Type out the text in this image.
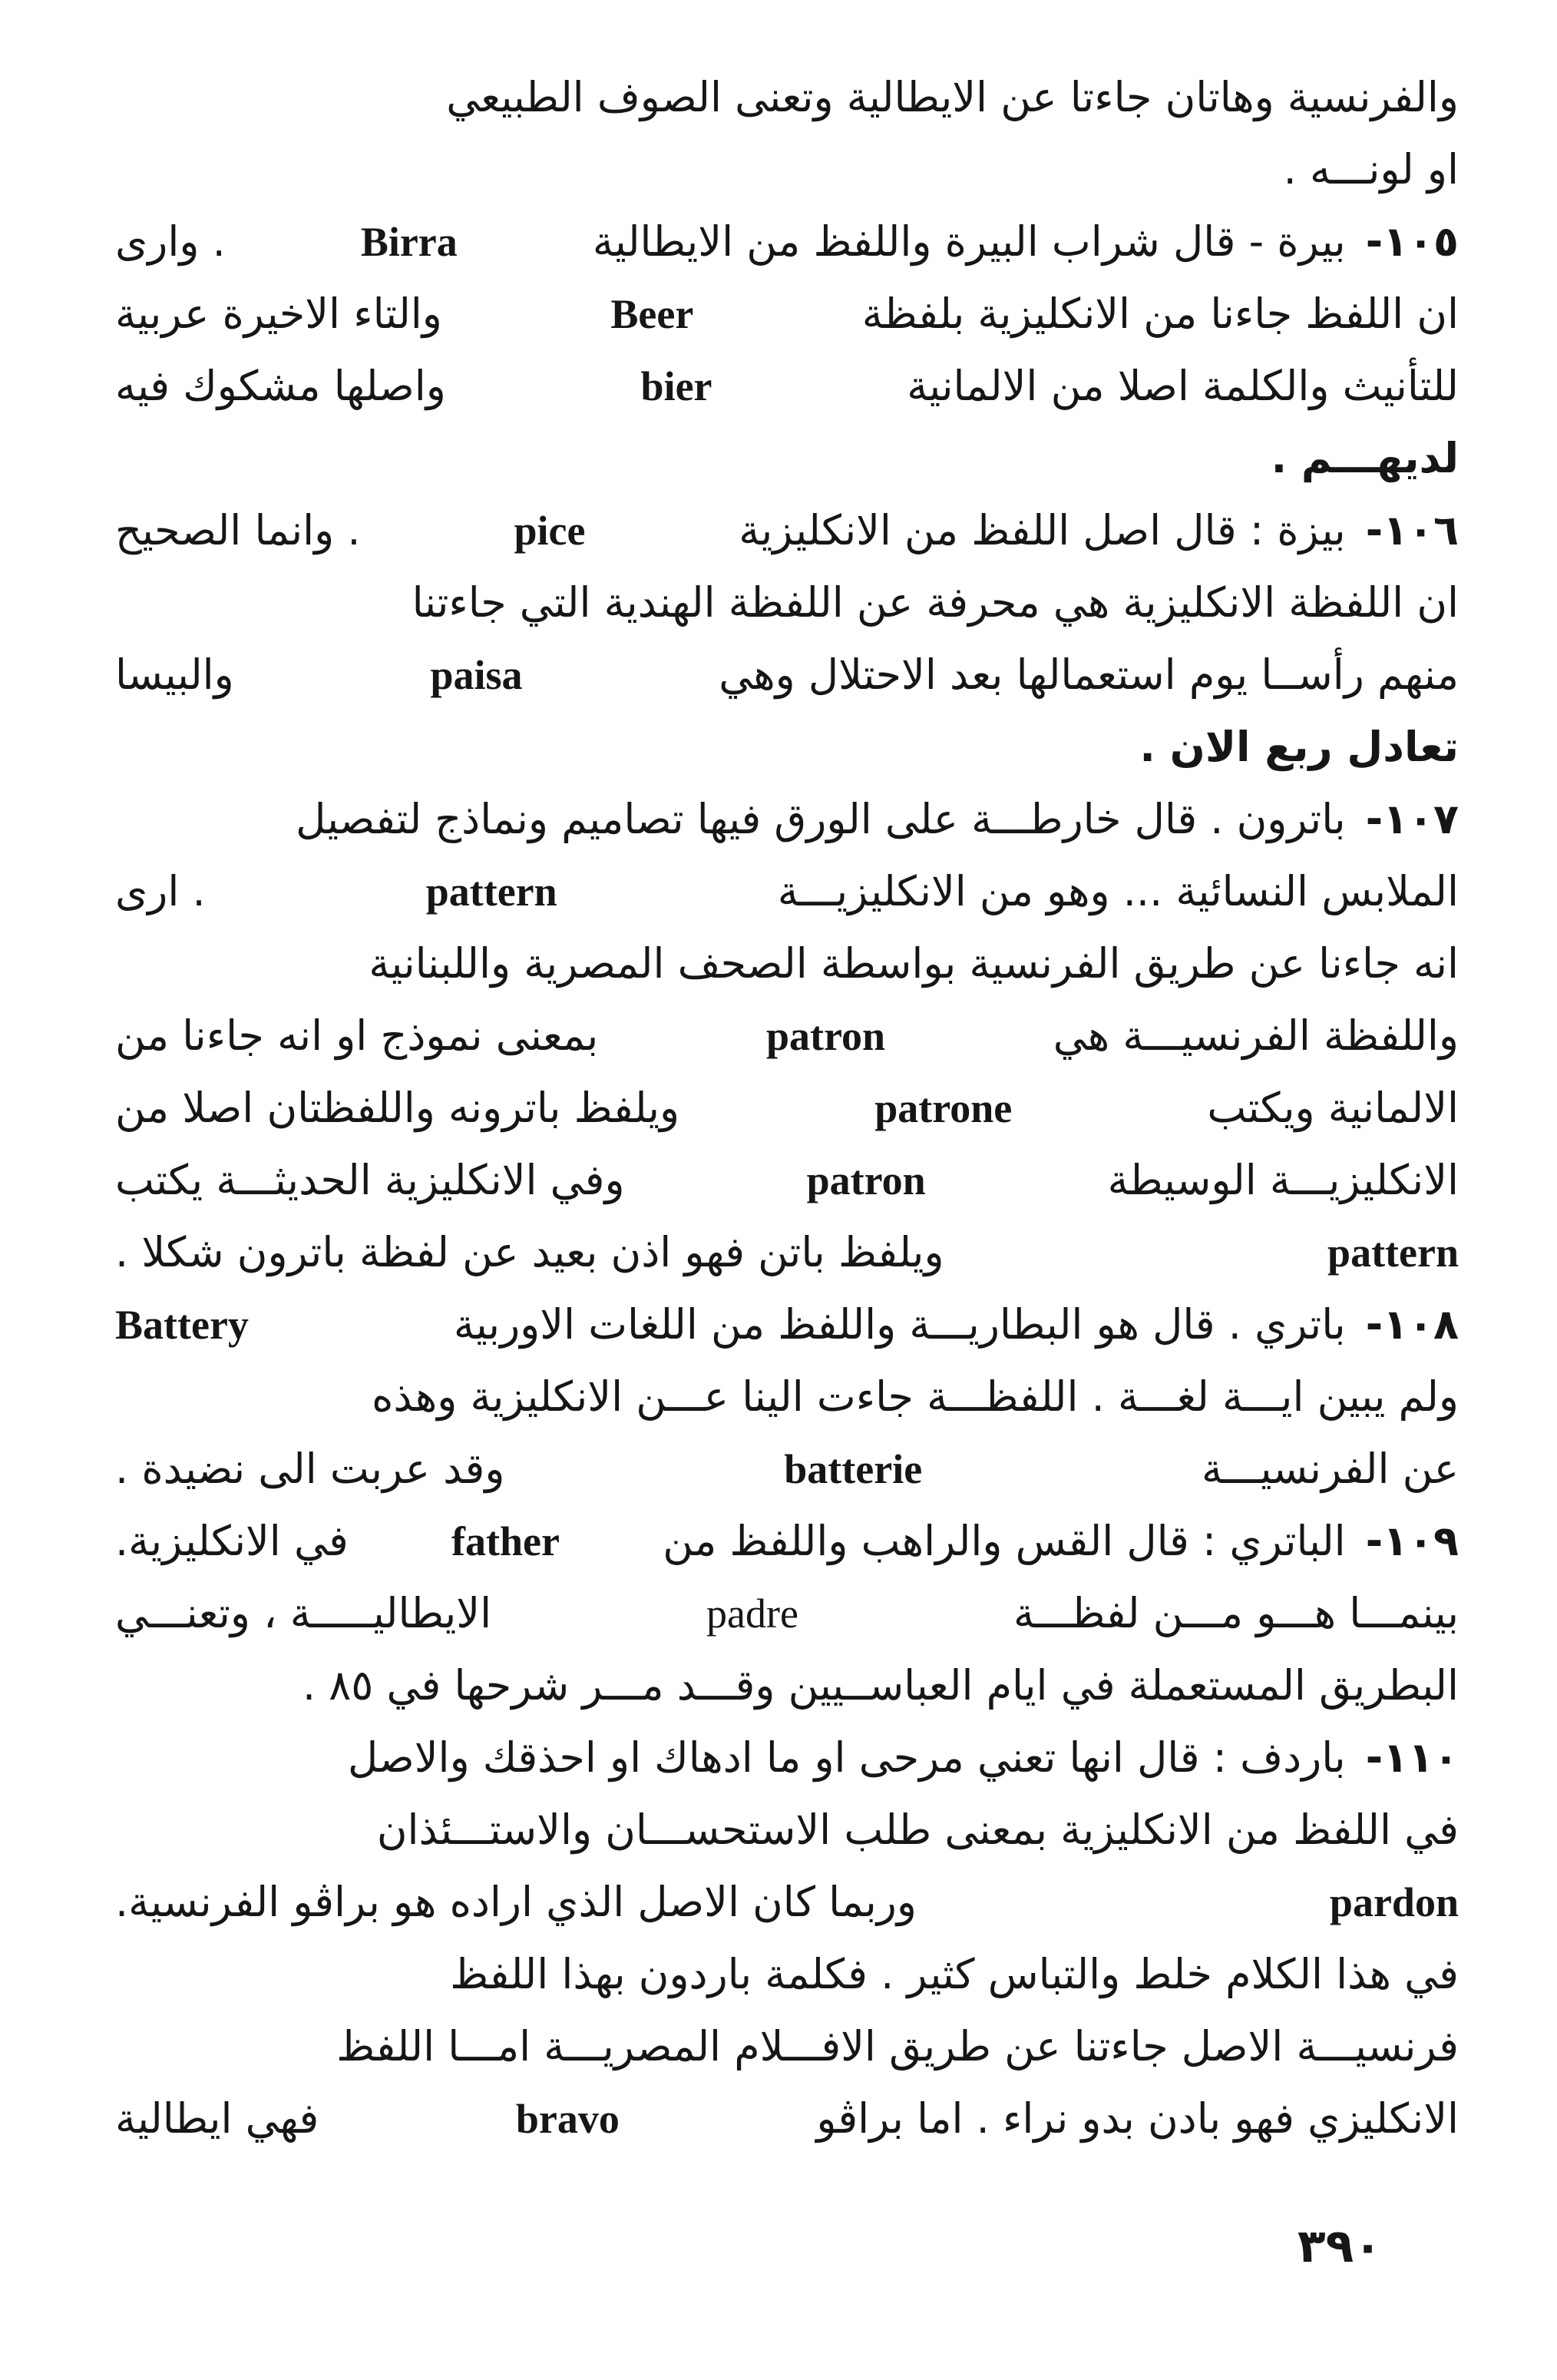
والفرنسية وهاتان جاءتا عن الايطالية وتعنى الصوف الطبيعي
او لونـــه .
١٠٥-
بيرة - قال شراب البيرة واللفظ من الايطالية
Birra
. وارى
ان اللفظ جاءنا من الانكليزية بلفظة
Beer
والتاء الاخيرة عربية
للتأنيث والكلمة اصلا من الالمانية
bier
واصلها مشكوك فيه
لديهـــم .
١٠٦-
بيزة : قال اصل اللفظ من الانكليزية
pice
. وانما الصحيح
ان اللفظة الانكليزية هي محرفة عن اللفظة الهندية التي جاءتنا
منهم رأســا يوم استعمالها بعد الاحتلال وهي
paisa
والبيسا
تعادل ربع الان .
١٠٧-
باترون . قال خارطـــة على الورق فيها تصاميم ونماذج لتفصيل
الملابس النسائية ... وهو من الانكليزيـــة
pattern
. ارى
انه جاءنا عن طريق الفرنسية بواسطة الصحف المصرية واللبنانية
واللفظة الفرنسيـــة هي
patron
بمعنى نموذج او انه جاءنا من
الالمانية ويكتب
patrone
ويلفظ باترونه واللفظتان اصلا من
الانكليزيـــة الوسيطة
patron
وفي الانكليزية الحديثـــة يكتب
pattern
ويلفظ باتن فهو اذن بعيد عن لفظة باترون شكلا .
١٠٨-
باتري . قال هو البطاريـــة واللفظ من اللغات الاوربية
Battery
ولم يبين ايـــة لغـــة . اللفظـــة جاءت الينا عـــن الانكليزية وهذه
عن الفرنسيـــة
batterie
وقد عربت الى نضيدة .
١٠٩-
الباتري : قال القس والراهب واللفظ من
father
في الانكليزية.
بينمـــا هـــو مـــن لفظـــة
padre
الايطاليـــــة ، وتعنـــي
البطريق المستعملة في ايام العباســيين وقـــد مـــر شرحها في ٨٥ .
١١٠-
باردف : قال انها تعني مرحى او ما ادهاك او احذقك والاصل
في اللفظ من الانكليزية بمعنى طلب الاستحســـان والاستـــئذان
pardon
وربما كان الاصل الذي اراده هو براڤو الفرنسية.
في هذا الكلام خلط والتباس كثير . فكلمة باردون بهذا اللفظ
فرنسيـــة الاصل جاءتنا عن طريق الافـــلام المصريـــة امـــا اللفظ
الانكليزي فهو بادن بدو نراء . اما براڤو
bravo
فهي ايطالية
٣٩٠
